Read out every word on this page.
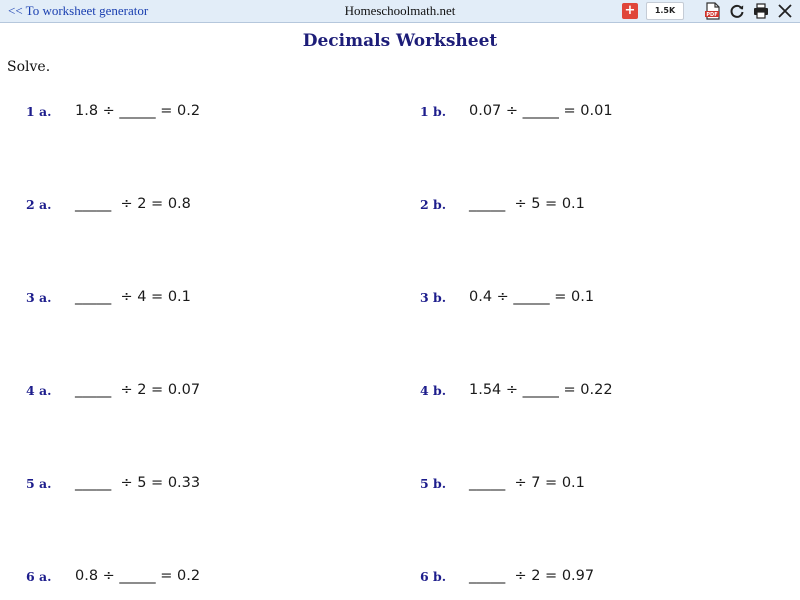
<< To worksheet generator	Homeschoolmath.net	+	1.5K	PDF
Decimals Worksheet
Solve.
1 a. 1.8 ÷ _____ = 0.2	1 b. 0.07 ÷ _____ = 0.01
2 a. _____  ÷ 2 = 0.8	2 b. _____  ÷ 5 = 0.1
3 a. _____  ÷ 4 = 0.1	3 b. 0.4 ÷ _____ = 0.1
4 a. _____  ÷ 2 = 0.07	4 b. 1.54 ÷ _____ = 0.22
5 a. _____  ÷ 5 = 0.33	5 b. _____  ÷ 7 = 0.1
6 a. 0.8 ÷ _____ = 0.2	6 b. _____  ÷ 2 = 0.97
